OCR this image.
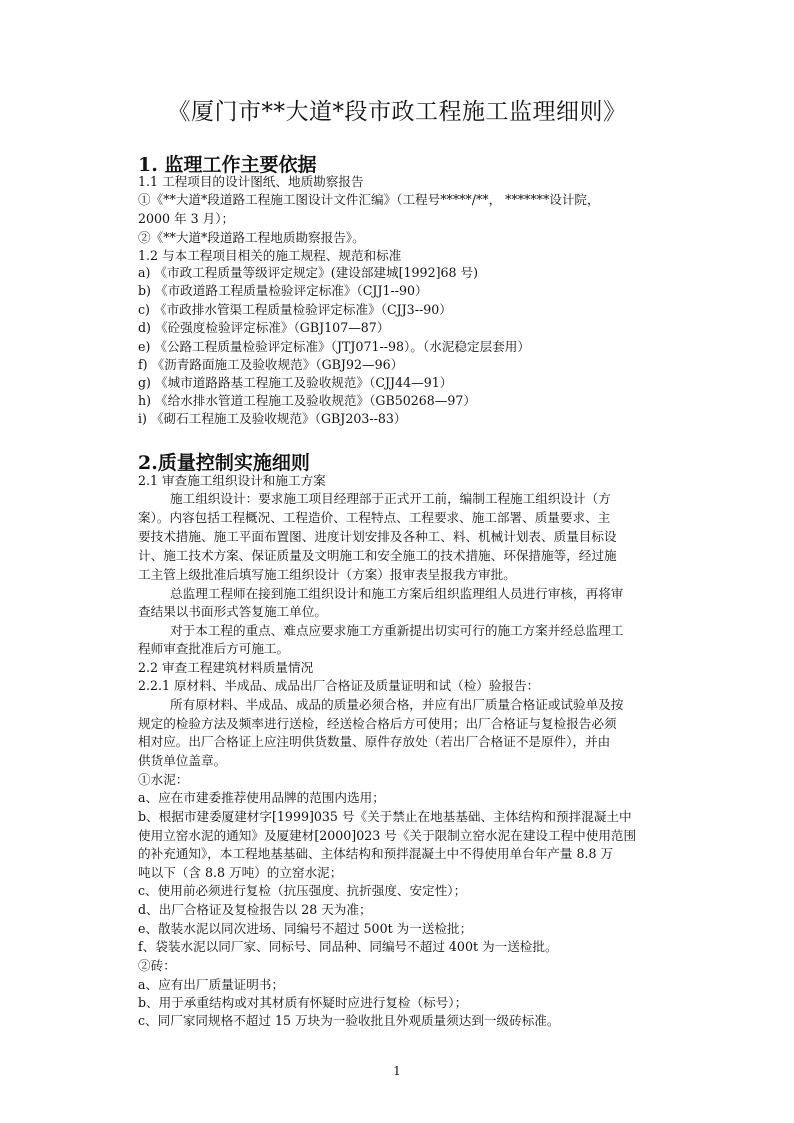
《厦门市**大道*段市政工程施工监理细则》
1. 监理工作主要依据
1.1 工程项目的设计图纸、地质勘察报告
①《**大道*段道路工程施工图设计文件汇编》（工程号*****/**， *******设计院，
2000 年 3 月）；
②《**大道*段道路工程地质勘察报告》。
1.2 与本工程项目相关的施工规程、规范和标准
a) 《市政工程质量等级评定规定》(建设部建城[1992]68 号)
b) 《市政道路工程质量检验评定标准》（CJJ1--90）
c) 《市政排水管渠工程质量检验评定标准》（CJJ3--90）
d) 《砼强度检验评定标准》（GBJ107—87）
e) 《公路工程质量检验评定标准》（JTJ071--98）。（水泥稳定层套用）
f) 《沥青路面施工及验收规范》（GBJ92—96）
g) 《城市道路路基工程施工及验收规范》（CJJ44—91）
h) 《给水排水管道工程施工及验收规范》（GB50268—97）
i) 《砌石工程施工及验收规范》（GBJ203--83）
2.质量控制实施细则
2.1 审查施工组织设计和施工方案
施工组织设计：要求施工项目经理部于正式开工前，编制工程施工组织设计（方
案）。内容包括工程概况、工程造价、工程特点、工程要求、施工部署、质量要求、主
要技术措施、施工平面布置图、进度计划安排及各种工、料、机械计划表、质量目标设
计、施工技术方案、保证质量及文明施工和安全施工的技术措施、环保措施等，经过施
工主管上级批准后填写施工组织设计（方案）报审表呈报我方审批。
总监理工程师在接到施工组织设计和施工方案后组织监理组人员进行审核，再将审
查结果以书面形式答复施工单位。
对于本工程的重点、难点应要求施工方重新提出切实可行的施工方案并经总监理工
程师审查批准后方可施工。
2.2 审查工程建筑材料质量情况
2.2.1 原材料、半成品、成品出厂合格证及质量证明和试（检）验报告：
所有原材料、半成品、成品的质量必须合格，并应有出厂质量合格证或试验单及按
规定的检验方法及频率进行送检，经送检合格后方可使用；出厂合格证与复检报告必须
相对应。出厂合格证上应注明供货数量、原件存放处（若出厂合格证不是原件），并由
供货单位盖章。
①水泥：
a、应在市建委推荐使用品牌的范围内选用；
b、根据市建委厦建材字[1999]035 号《关于禁止在地基基础、主体结构和预拌混凝土中
使用立窑水泥的通知》及厦建材[2000]023 号《关于限制立窑水泥在建设工程中使用范围
的补充通知》，本工程地基基础、主体结构和预拌混凝土中不得使用单台年产量 8.8 万
吨以下（含 8.8 万吨）的立窑水泥；
c、使用前必须进行复检（抗压强度、抗折强度、安定性）；
d、出厂合格证及复检报告以 28 天为准；
e、散装水泥以同次进场、同编号不超过 500t 为一送检批；
f、袋装水泥以同厂家、同标号、同品种、同编号不超过 400t 为一送检批。
②砖：
a、应有出厂质量证明书；
b、用于承重结构或对其材质有怀疑时应进行复检（标号）；
c、同厂家同规格不超过 15 万块为一验收批且外观质量须达到一级砖标准。
1
